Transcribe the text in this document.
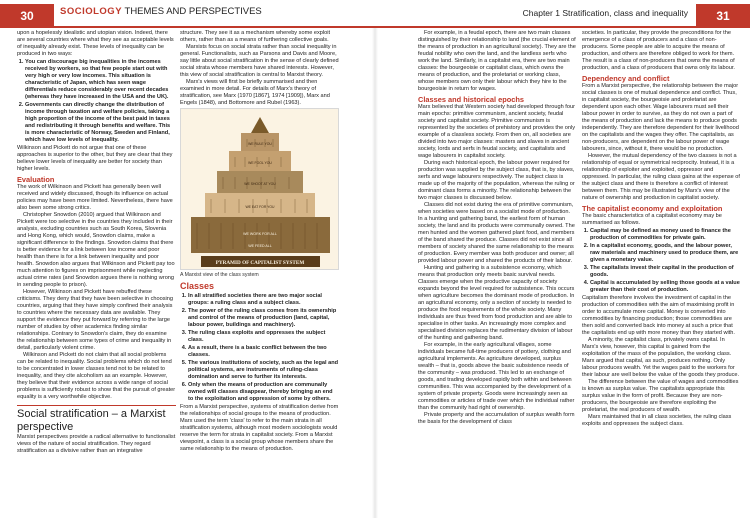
30	SOCIOLOGY THEMES AND PERSPECTIVES	Chapter 1 Stratification, class and inequality	31

upon a hopelessly idealistic and utopian vision. Indeed, there are several countries where what they see as acceptable levels of inequality already exist. These levels of inequality can be produced in two ways:

1. You can discourage big inequalities in the incomes received by workers, so that few people start out with very high or very low incomes. This situation is characteristic of Japan, which has seen wage differentials reduce considerably over recent decades (whereas they have increased in the USA and the UK).
2. Governments can directly change the distribution of income through taxation and welfare policies, taking a high proportion of the income of the best paid in taxes and redistributing it through benefits and welfare. This is more characteristic of Norway, Sweden and Finland, which have low levels of inequality.

Wilkinson and Pickett do not argue that one of these approaches is superior to the other, but they are clear that they believe lower levels of inequality are better for society than higher levels.

Evaluation

The work of Wilkinson and Pickett has generally been well received and widely discussed, though its influence on actual policies may have been more limited. Nevertheless, there have also been some strong critics.

Christopher Snowdon (2010) argued that Wilkinson and Pickett were too selective in the countries they included in their analysis, excluding countries such as South Korea, Slovenia and Hong Kong, which would, Snowdon claims, make a significant difference to the findings. Snowdon claims that there is better evidence for a link between low income and poor health than there is for a link between inequality and poor health. Snowdon also argues that Wilkinson and Pickett pay too much attention to figures on imprisonment while neglecting actual crime rates (and Snowdon argues there is nothing wrong in sending people to prison).

However, Wilkinson and Pickett have rebuffed these criticisms. They deny that they have been selective in choosing countries, arguing that they have simply confined their analysis to countries where the necessary data are available. They support the evidence they put forward by referring to the large number of studies by other academics finding similar relationships. Contrary to Snowdon's claim, they do examine the relationship between some types of crime and inequality in detail, particularly violent crime.

Wilkinson and Pickett do not claim that all social problems can be related to inequality. Social problems which do not tend to be concentrated in lower classes tend not to be related to inequality, and they cite alcoholism as an example. However, they believe that their evidence across a wide range of social problems is sufficiently robust to show that the pursuit of greater equality is a very worthwhile objective.

Social stratification – a Marxist perspective

Marxist perspectives provide a radical alternative to functionalist views of the nature of social stratification. They regard stratification as a divisive rather than an integrative

structure. They see it as a mechanism whereby some exploit others, rather than as a means of furthering collective goals.

Marxists focus on social strata rather than social inequality in general. Functionalists, such as Parsons and Davis and Moore, say little about social stratification in the sense of clearly defined social strata whose members have shared interests. However, this view of social stratification is central to Marxist theory.

Marx's views will first be briefly summarised and then examined in more detail. For details of Marx's theory of stratification, see Marx (1970 [1867], 1974 [1909]), Marx and Engels (1848), and Bottomore and Rubel (1963).

WE RULE YOU
WE FOOL YOU
WE SHOOT AT YOU
WE EAT FOR YOU
WE WORK FOR ALL
WE FEED ALL
PYRAMID OF CAPITALIST SYSTEM
A Marxist view of the class system
Classes
1. In all stratified societies there are two major social groups: a ruling class and a subject class.
2. The power of the ruling class comes from its ownership and control of the means of production (land, capital, labour power, buildings and machinery).
3. The ruling class exploits and oppresses the subject class.
4. As a result, there is a basic conflict between the two classes.
5. The various institutions of society, such as the legal and political systems, are instruments of ruling-class domination and serve to further its interests.
6. Only when the means of production are communally owned will classes disappear, thereby bringing an end to the exploitation and oppression of some by others.

From a Marxist perspective, systems of stratification derive from the relationships of social groups to the means of production. Marx used the term 'class' to refer to the main strata in all stratification systems, although most modern sociologists would reserve the term for strata in capitalist society. From a Marxist viewpoint, a class is a social group whose members share the same relationship to the means of production.

For example, in a feudal epoch, there are two main classes distinguished by their relationship to land (the crucial element of the means of production in an agricultural society). They are the feudal nobility who own the land, and the landless serfs who work the land. Similarly, in a capitalist era, there are two main classes: the bourgeoisie or capitalist class, which owns the means of production, and the proletariat or working class, whose members own only their labour which they hire to the bourgeoisie in return for wages.

Classes and historical epochs

Marx believed that Western society had developed through four main epochs: primitive communism, ancient society, feudal society and capitalist society. Primitive communism is represented by the societies of prehistory and provides the only example of a classless society. From then on, all societies are divided into two major classes: masters and slaves in ancient society, lords and serfs in feudal society, and capitalists and wage labourers in capitalist society.

During each historical epoch, the labour power required for production was supplied by the subject class, that is, by slaves, serfs and wage labourers respectively. The subject class is made up of the majority of the population, whereas the ruling or dominant class forms a minority. The relationship between the two major classes is discussed below.

Classes did not exist during the era of primitive communism, when societies were based on a socialist mode of production. In a hunting and gathering band, the earliest form of human society, the land and its products were communally owned. The men hunted and the women gathered plant food, and members of the band shared the produce. Classes did not exist since all members of society shared the same relationship to the means of production. Every member was both producer and owner; all provided labour power and shared the products of their labour.

Hunting and gathering is a subsistence economy, which means that production only meets basic survival needs. Classes emerge when the productive capacity of society expands beyond the level required for subsistence. This occurs when agriculture becomes the dominant mode of production. In an agricultural economy, only a section of society is needed to produce the food requirements of the whole society. Many individuals are thus freed from food production and are able to specialise in other tasks. An increasingly more complex and specialised division replaces the rudimentary division of labour of the hunting and gathering band.

For example, in the early agricultural villages, some individuals became full-time producers of pottery, clothing and agricultural implements. As agriculture developed, surplus wealth – that is, goods above the basic subsistence needs of the community – was produced. This led to an exchange of goods, and trading developed rapidly both within and between communities. This was accompanied by the development of a system of private property. Goods were increasingly seen as commodities or articles of trade over which the individual rather than the community had right of ownership.

Private property and the accumulation of surplus wealth form the basis for the development of class

societies. In particular, they provide the preconditions for the emergence of a class of producers and a class of non-producers. Some people are able to acquire the means of production, and others are therefore obliged to work for them. The result is a class of non-producers that owns the means of production, and a class of producers that owns only its labour.

Dependency and conflict

From a Marxist perspective, the relationship between the major social classes is one of mutual dependence and conflict. Thus, in capitalist society, the bourgeoisie and proletariat are dependent upon each other. Wage labourers must sell their labour power in order to survive, as they do not own a part of the means of production and lack the means to produce goods independently. They are therefore dependent for their livelihood on the capitalists and the wages they offer. The capitalists, as non-producers, are dependent on the labour power of wage labourers, since, without it, there would be no production.

However, the mutual dependency of the two classes is not a relationship of equal or symmetrical reciprocity. Instead, it is a relationship of exploiter and exploited, oppressor and oppressed. In particular, the ruling class gains at the expense of the subject class and there is therefore a conflict of interest between them. This may be illustrated by Marx's view of the nature of ownership and production in capitalist society.

The capitalist economy and exploitation

The basic characteristics of a capitalist economy may be summarised as follows.

1. Capital may be defined as money used to finance the production of commodities for private gain.
2. In a capitalist economy, goods, and the labour power, raw materials and machinery used to produce them, are given a monetary value.
3. The capitalists invest their capital in the production of goods.
4. Capital is accumulated by selling those goods at a value greater than their cost of production.

Capitalism therefore involves the investment of capital in the production of commodities with the aim of maximising profit in order to accumulate more capital. Money is converted into commodities by financing production; those commodities are then sold and converted back into money at such a price that the capitalists end up with more money than they started with.

A minority, the capitalist class, privately owns capital. In Marx's view, however, this capital is gained from the exploitation of the mass of the population, the working class. Marx argued that capital, as such, produces nothing. Only labour produces wealth. Yet the wages paid to the workers for their labour are well below the value of the goods they produce.

The difference between the value of wages and commodities is known as surplus value. The capitalists appropriate this surplus value in the form of profit. Because they are non-producers, the bourgeoisie are therefore exploiting the proletariat, the real producers of wealth.

Marx maintained that in all class societies, the ruling class exploits and oppresses the subject class.
